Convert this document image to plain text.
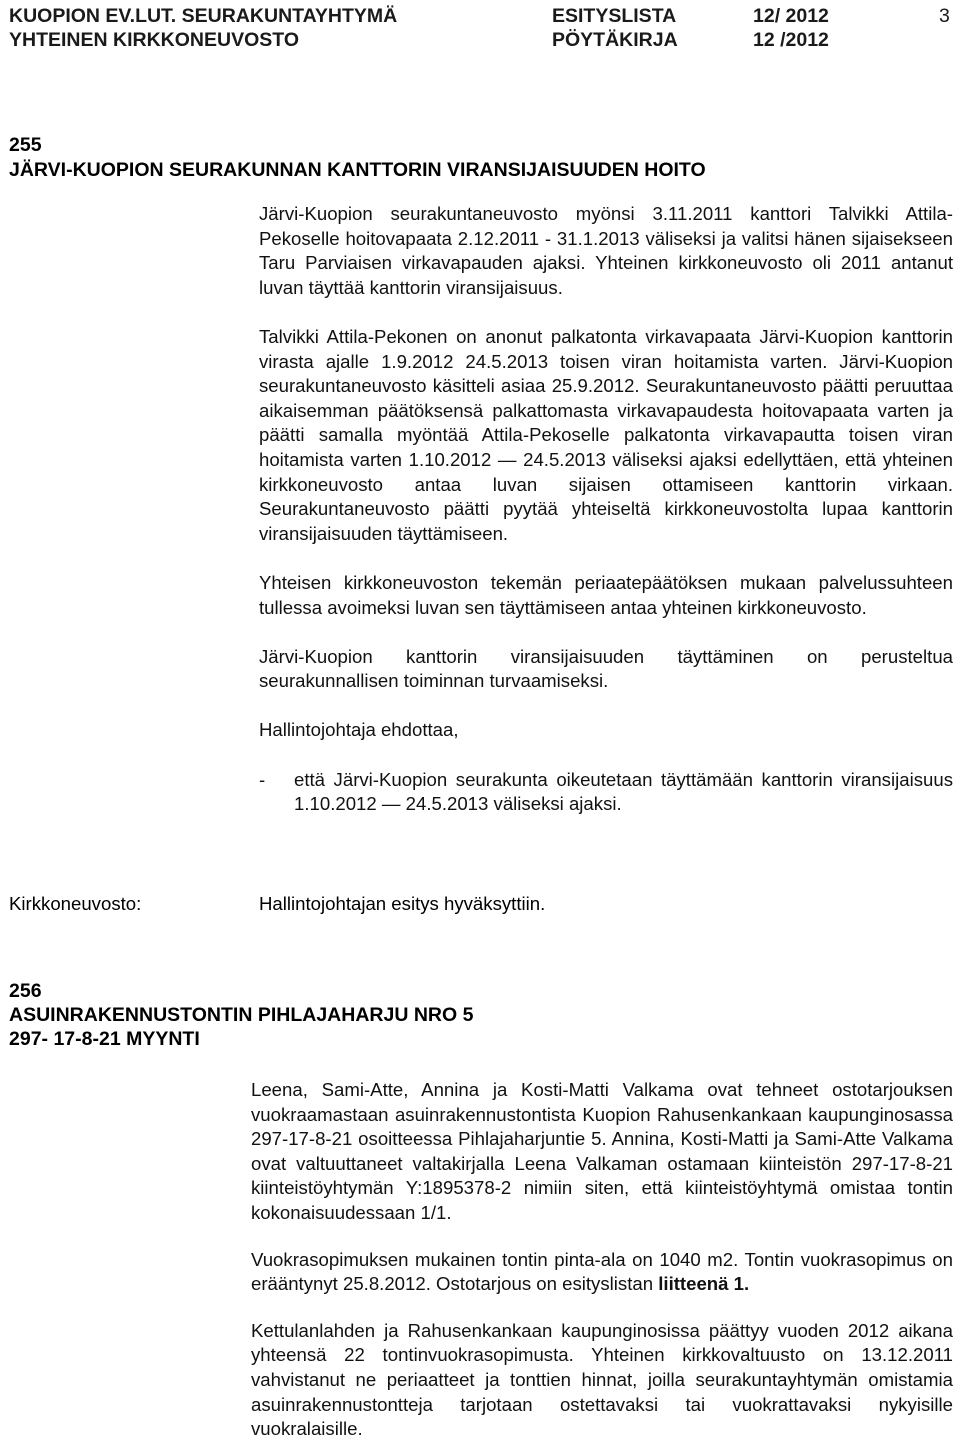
KUOPION EV.LUT. SEURAKUNTAYHTYMÄ	ESITYSLISTA	12/ 2012	3
YHTEINEN KIRKKONEUVOSTO	PÖYTÄKIRJA	12 /2012
255
JÄRVI-KUOPION SEURAKUNNAN KANTTORIN VIRANSIJAISUUDEN HOITO

Järvi-Kuopion seurakuntaneuvosto myönsi 3.11.2011 kanttori Talvikki Attila-Pekoselle hoitovapaata 2.12.2011 - 31.1.2013 väliseksi ja valitsi hänen sijaisekseen Taru Parviaisen virkavapauden ajaksi. Yhteinen kirkkoneuvosto oli 2011 antanut luvan täyttää kanttorin viransijaisuus.

Talvikki Attila-Pekonen on anonut palkatonta virkavapaata Järvi-Kuopion kanttorin virasta ajalle 1.9.2012 24.5.2013 toisen viran hoitamista varten. Järvi-Kuopion seurakuntaneuvosto käsitteli asiaa 25.9.2012. Seurakuntaneuvosto päätti peruuttaa aikaisemman päätöksensä palkattomasta virkavapaudesta hoitovapaata varten ja päätti samalla myöntää Attila-Pekoselle palkatonta virkavapautta toisen viran hoitamista varten 1.10.2012 — 24.5.2013 väliseksi ajaksi edellyttäen, että yhteinen kirkkoneuvosto antaa luvan sijaisen ottamiseen kanttorin virkaan. Seurakuntaneuvosto päätti pyytää yhteiseltä kirkkoneuvostolta lupaa kanttorin viransijaisuuden täyttämiseen.

Yhteisen kirkkoneuvoston tekemän periaatepäätöksen mukaan palvelussuhteen tullessa avoimeksi luvan sen täyttämiseen antaa yhteinen kirkkoneuvosto.

Järvi-Kuopion kanttorin viransijaisuuden täyttäminen on perusteltua seurakunnallisen toiminnan turvaamiseksi.

Hallintojohtaja ehdottaa,

-	että Järvi-Kuopion seurakunta oikeutetaan täyttämään kanttorin viransijaisuus 1.10.2012 — 24.5.2013 väliseksi ajaksi.
Kirkkoneuvosto:	Hallintojohtajan esitys hyväksyttiin.
256
ASUINRAKENNUSTONTIN PIHLAJAHARJU NRO 5
297- 17-8-21 MYYNTI

Leena, Sami-Atte, Annina ja Kosti-Matti Valkama ovat tehneet ostotarjouksen vuokraamastaan asuinrakennustontista Kuopion Rahusenkankaan kaupunginosassa 297-17-8-21 osoitteessa Pihlajaharjuntie 5. Annina, Kosti-Matti ja Sami-Atte Valkama ovat valtuuttaneet valtakirjalla Leena Valkaman ostamaan kiinteistön 297-17-8-21 kiinteistöyhtymän Y:1895378-2 nimiin siten, että kiinteistöyhtymä omistaa tontin kokonaisuudessaan 1/1.

Vuokrasopimuksen mukainen tontin pinta-ala on 1040 m2. Tontin vuokrasopimus on erääntynyt 25.8.2012. Ostotarjous on esityslistan liitteenä 1.

Kettulanlahden ja Rahusenkankaan kaupunginosissa päättyy vuoden 2012 aikana yhteensä 22 tontinvuokrasopimusta. Yhteinen kirkkovaltuusto on 13.12.2011 vahvistanut ne periaatteet ja tonttien hinnat, joilla seurakuntayhtymän omistamia asuinrakennustontteja tarjotaan ostettavaksi tai vuokrattavaksi nykyisille vuokralaisille.
